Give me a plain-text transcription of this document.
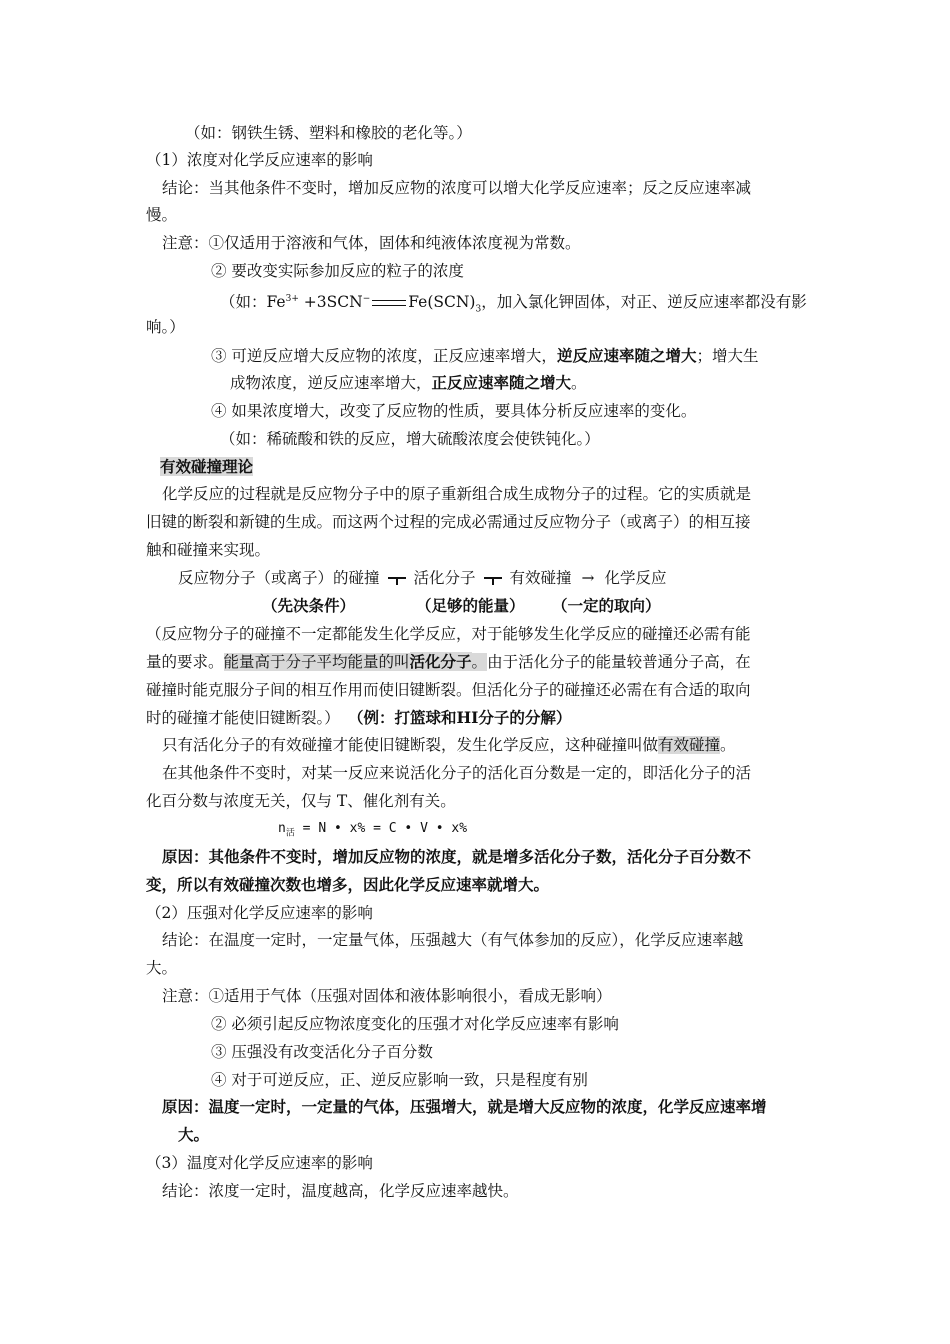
（如：钢铁生锈、塑料和橡胶的老化等。）
（1）浓度对化学反应速率的影响
结论：当其他条件不变时，增加反应物的浓度可以增大化学反应速率；反之反应速率减
慢。
注意：①仅适用于溶液和气体，固体和纯液体浓度视为常数。
② 要改变实际参加反应的粒子的浓度
（如：$Fe^{3+} +3SCN^-$ $Fe(SCN)_3$，加入氯化钾固体，对正、逆反应速率都没有影
响。）
③ 可逆反应增大反应物的浓度，正反应速率增大，逆反应速率随之增大；增大生
成物浓度，逆反应速率增大，正反应速率随之增大。
④ 如果浓度增大，改变了反应物的性质，要具体分析反应速率的变化。
（如：稀硫酸和铁的反应，增大硫酸浓度会使铁钝化。）
有效碰撞理论
化学反应的过程就是反应物分子中的原子重新组合成生成物分子的过程。它的实质就是
旧键的断裂和新键的生成。而这两个过程的完成必需通过反应物分子（或离子）的相互接
触和碰撞来实现。
反应物分子（或离子）的碰撞 活化分子 有效碰撞 → 化学反应
（先决条件）	（足够的能量） （一定的取向）
（反应物分子的碰撞不一定都能发生化学反应，对于能够发生化学反应的碰撞还必需有能
量的要求。能量高于分子平均能量的叫活化分子。由于活化分子的能量较普通分子高，在
碰撞时能克服分子间的相互作用而使旧键断裂。但活化分子的碰撞还必需在有合适的取向
时的碰撞才能使旧键断裂。） （例：打篮球和HI分子的分解）
只有活化分子的有效碰撞才能使旧键断裂，发生化学反应，这种碰撞叫做有效碰撞。
在其他条件不变时，对某一反应来说活化分子的活化百分数是一定的，即活化分子的活
化百分数与浓度无关，仅与 T、催化剂有关。
$n_活 = N$ • x% = C • V • x%
原因：其他条件不变时，增加反应物的浓度，就是增多活化分子数，活化分子百分数不
变，所以有效碰撞次数也增多，因此化学反应速率就增大。
（2）压强对化学反应速率的影响
结论：在温度一定时，一定量气体，压强越大（有气体参加的反应），化学反应速率越
大。
注意：①适用于气体（压强对固体和液体影响很小，看成无影响）
② 必须引起反应物浓度变化的压强才对化学反应速率有影响
③ 压强没有改变活化分子百分数
④ 对于可逆反应，正、逆反应影响一致，只是程度有别
原因：温度一定时，一定量的气体，压强增大，就是增大反应物的浓度，化学反应速率增
大。
（3）温度对化学反应速率的影响
结论：浓度一定时，温度越高，化学反应速率越快。
